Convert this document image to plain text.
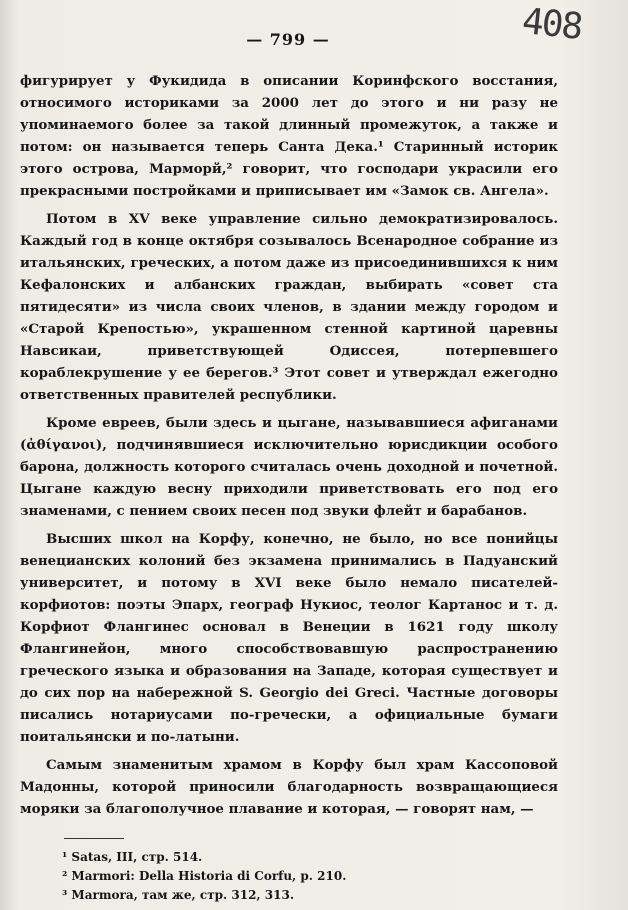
408
— 799 —

фигурирует у Фукидида в описании Коринфского восстания, относимого историками за 2000 лет до этого и ни разу не упоминаемого более за такой длинный промежуток, а также и потом: он называется теперь Санта Дека.¹ Старинный историк этого острова, Марморй,² говорит, что господари украсили его прекрасными постройками и приписывает им «Замок св. Ангела».

Потом в XV веке управление сильно демократизировалось. Каждый год в конце октября созывалось Всенародное собрание из итальянских, греческих, а потом даже из присоединившихся к ним Кефалонских и албанских граждан, выбирать «совет ста пятидесяти» из числа своих членов, в здании между городом и «Старой Крепостью», украшенном стенной картиной царевны Навсикаи, приветствующей Одиссея, потерпевшего кораблекрушение у ее берегов.³ Этот совет и утверждал ежегодно ответственных правителей республики.

Кроме евреев, были здесь и цыгане, называвшиеся афиганами (ἀθίγανοι), подчинявшиеся исключительно юрисдикции особого барона, должность которого считалась очень доходной и почетной. Цыгане каждую весну приходили приветствовать его под его знаменами, с пением своих песен под звуки флейт и барабанов.

Высших школ на Корфу, конечно, не было, но все понийцы венецианских колоний без экзамена принимались в Падуанский университет, и потому в XVI веке было немало писателей-корфиотов: поэты Эпарх, географ Нукиос, теолог Картанос и т. д. Корфиот Флангинес основал в Венеции в 1621 году школу Флангинейон, много способствовавшую распространению греческого языка и образования на Западе, которая существует и до сих пор на набережной S. Georgio dei Greci. Частные договоры писались нотариусами по-гречески, а официальные бумаги поитальянски и по-латыни.

Самым знаменитым храмом в Корфу был храм Кассоповой Мадонны, которой приносили благодарность возвращающиеся моряки за благополучное плавание и которая, — говорят нам, —

¹ Satas, III, стр. 514.
² Marmori: Della Historia di Corfu, p. 210.
³ Marmora, там же, стр. 312, 313.
